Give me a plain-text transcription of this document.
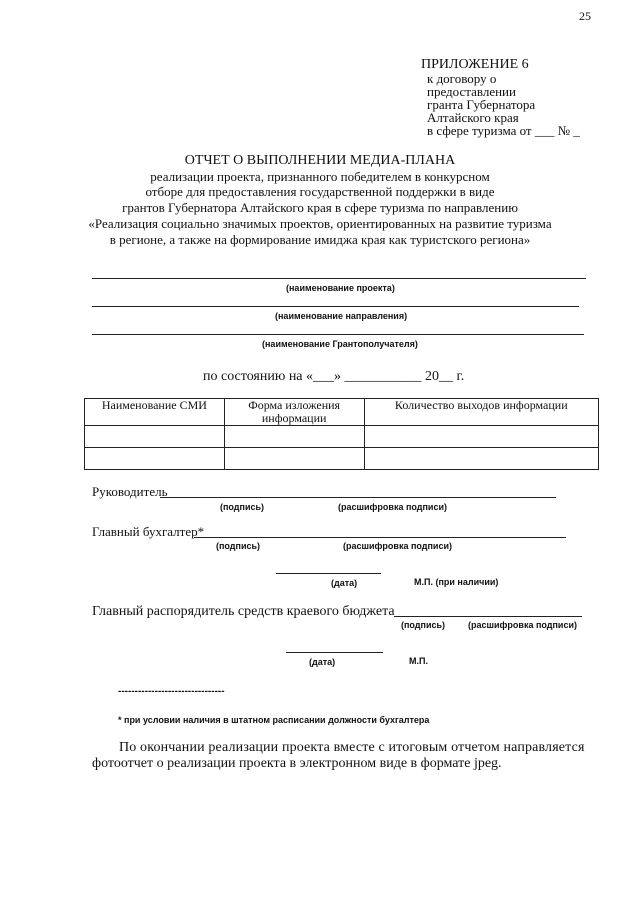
25
ПРИЛОЖЕНИЕ 6
к договору о
предоставлении
гранта Губернатора
Алтайского края
в сфере туризма от ___ № _
ОТЧЕТ О ВЫПОЛНЕНИИ МЕДИА-ПЛАНА
реализации проекта, признанного победителем в конкурсном
отборе для предоставления государственной поддержки в виде
грантов Губернатора Алтайского края в сфере туризма по направлению
«Реализация социально значимых проектов, ориентированных на развитие туризма
в регионе, а также на формирование имиджа края как туристского региона»
(наименование проекта)
(наименование направления)
(наименование Грантополучателя)
по состоянию на «___» ___________ 20__ г.
Наименование СМИ	Форма изложения информации	Количество выходов информации

Руководитель
(подпись)	(расшифровка подписи)
Главный бухгалтер*
(подпись)	(расшифровка подписи)
(дата)	М.П. (при наличии)
Главный распорядитель средств краевого бюджета
(подпись)	(расшифровка подписи)
(дата)	М.П.
--------------------------------
* при условии наличия в штатном расписании должности бухгалтера
По окончании реализации проекта вместе с итоговым отчетом направляется
фотоотчет о реализации проекта в электронном виде в формате jpeg.
